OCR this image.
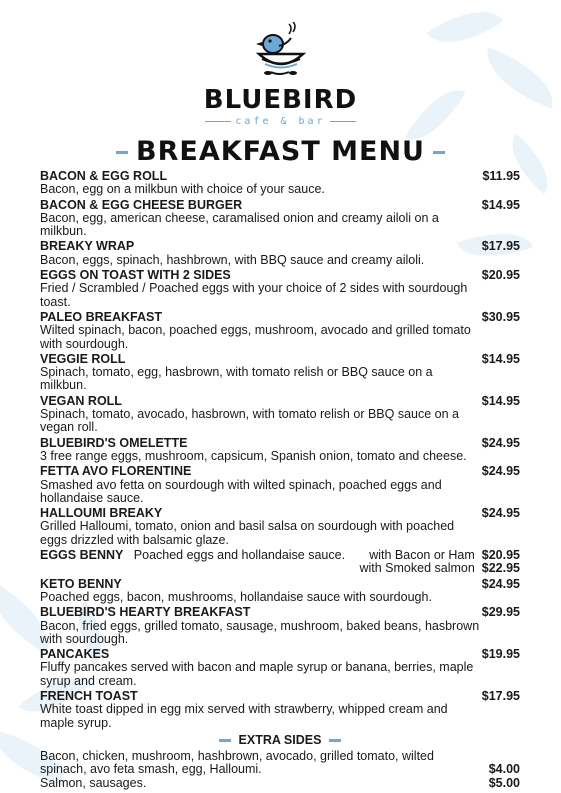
BLUEBIRD
cafe & bar
BREAKFAST MENU
BACON & EGG ROLL	$11.95
Bacon, egg on a milkbun with choice of your sauce.
BACON & EGG CHEESE BURGER	$14.95
Bacon, egg, american cheese, caramalised onion and creamy ailoli on a milkbun.
BREAKY WRAP	$17.95
Bacon, eggs, spinach, hashbrown, with BBQ sauce and creamy ailoli.
EGGS ON TOAST WITH 2 SIDES	$20.95
Fried / Scrambled / Poached eggs with your choice of 2 sides with sourdough toast.
PALEO BREAKFAST	$30.95
Wilted spinach, bacon, poached eggs, mushroom, avocado and grilled tomato with sourdough.
VEGGIE ROLL	$14.95
Spinach, tomato, egg, hasbrown, with tomato relish or BBQ sauce on a milkbun.
VEGAN ROLL	$14.95
Spinach, tomato, avocado, hasbrown, with tomato relish or BBQ sauce on a vegan roll.
BLUEBIRD'S OMELETTE	$24.95
3 free range eggs, mushroom, capsicum, Spanish onion, tomato and cheese.
FETTA AVO FLORENTINE	$24.95
Smashed avo fetta on sourdough with wilted spinach, poached eggs and hollandaise sauce.
HALLOUMI BREAKY	$24.95
Grilled Halloumi, tomato, onion and basil salsa on sourdough with poached eggs drizzled with balsamic glaze.
EGGS BENNY Poached eggs and hollandaise sauce.	with Bacon or Ham $20.95
with Smoked salmon $22.95
KETO BENNY	$24.95
Poached eggs, bacon, mushrooms, hollandaise sauce with sourdough.
BLUEBIRD'S HEARTY BREAKFAST	$29.95
Bacon, fried eggs, grilled tomato, sausage, mushroom, baked beans, hasbrown with sourdough.
PANCAKES	$19.95
Fluffy pancakes served with bacon and maple syrup or banana, berries, maple syrup and cream.
FRENCH TOAST	$17.95
White toast dipped in egg mix served with strawberry, whipped cream and maple syrup.
EXTRA SIDES
Bacon, chicken, mushroom, hashbrown, avocado, grilled tomato, wilted spinach, avo feta smash, egg, Halloumi.	$4.00
Salmon, sausages.	$5.00
